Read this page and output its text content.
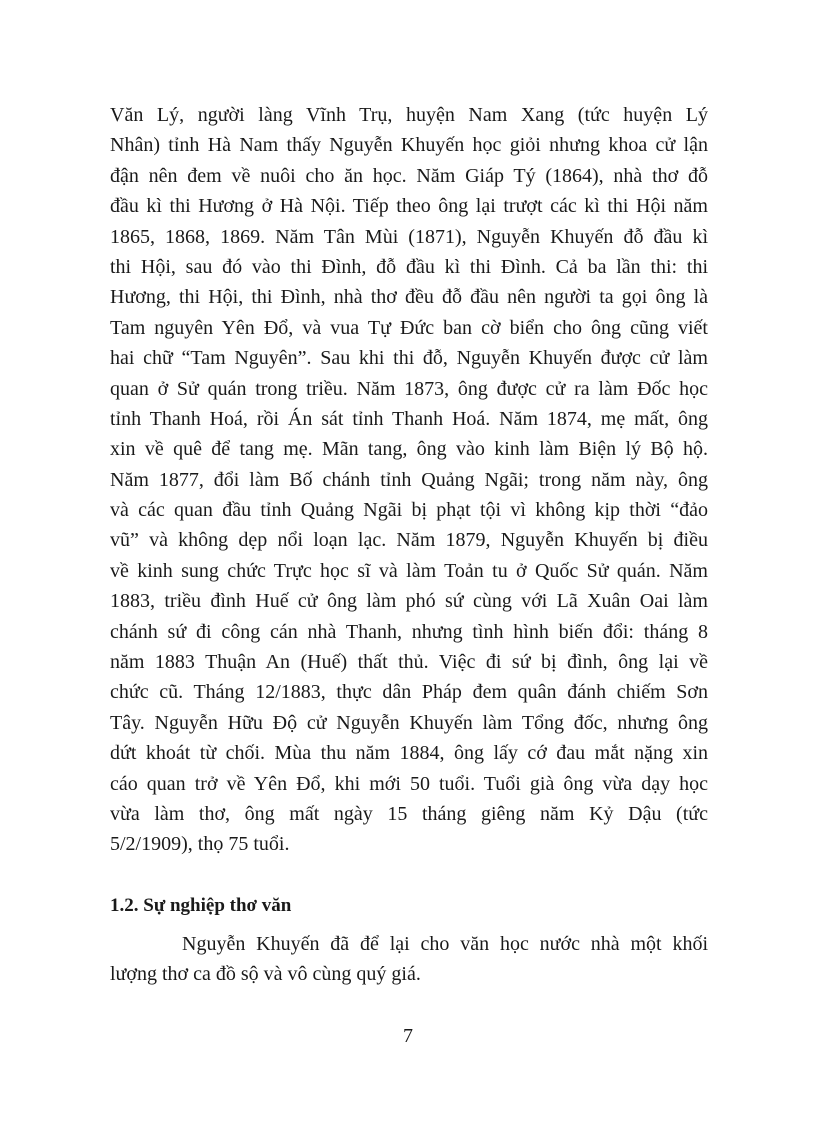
Văn Lý, người làng Vĩnh Trụ, huyện Nam Xang (tức huyện Lý
Nhân) tỉnh Hà Nam thấy Nguyễn Khuyến học giỏi nhưng khoa cử lận
đận nên đem về nuôi cho ăn học. Năm Giáp Tý (1864), nhà thơ đỗ
đầu kì thi Hương ở Hà Nội. Tiếp theo ông lại trượt các kì thi Hội năm
1865, 1868, 1869. Năm Tân Mùi (1871), Nguyễn Khuyến đỗ đầu kì
thi Hội, sau đó vào thi Đình, đỗ đầu kì thi Đình. Cả ba lần thi: thi
Hương, thi Hội, thi Đình, nhà thơ đều đỗ đầu nên người ta gọi ông là
Tam nguyên Yên Đổ, và vua Tự Đức ban cờ biển cho ông cũng viết
hai chữ “Tam Nguyên”. Sau khi thi đỗ, Nguyễn Khuyến được cử làm
quan ở Sử quán trong triều. Năm 1873, ông được cử ra làm Đốc học
tỉnh Thanh Hoá, rồi Án sát tỉnh Thanh Hoá. Năm 1874, mẹ mất, ông
xin về quê để tang mẹ. Mãn tang, ông vào kinh làm Biện lý Bộ hộ.
Năm 1877, đổi làm Bố chánh tỉnh Quảng Ngãi; trong năm này, ông
và các quan đầu tỉnh Quảng Ngãi bị phạt tội vì không kịp thời “đảo
vũ” và không dẹp nổi loạn lạc. Năm 1879, Nguyễn Khuyến bị điều
về kinh sung chức Trực học sĩ và làm Toản tu ở Quốc Sử quán. Năm
1883, triều đình Huế cử ông làm phó sứ cùng với Lã Xuân Oai làm
chánh sứ đi công cán nhà Thanh, nhưng tình hình biến đổi: tháng 8
năm 1883 Thuận An (Huế) thất thủ. Việc đi sứ bị đình, ông lại về
chức cũ. Tháng 12/1883, thực dân Pháp đem quân đánh chiếm Sơn
Tây. Nguyễn Hữu Độ cử Nguyễn Khuyến làm Tổng đốc, nhưng ông
dứt khoát từ chối. Mùa thu năm 1884, ông lấy cớ đau mắt nặng xin
cáo quan trở về Yên Đổ, khi mới 50 tuổi. Tuổi già ông vừa dạy học
vừa làm thơ, ông mất ngày 15 tháng giêng năm Kỷ Dậu (tức
5/2/1909), thọ 75 tuổi.
1.2. Sự nghiệp thơ văn
Nguyễn Khuyến đã để lại cho văn học nước nhà một khối
lượng thơ ca đồ sộ và vô cùng quý giá.
7
